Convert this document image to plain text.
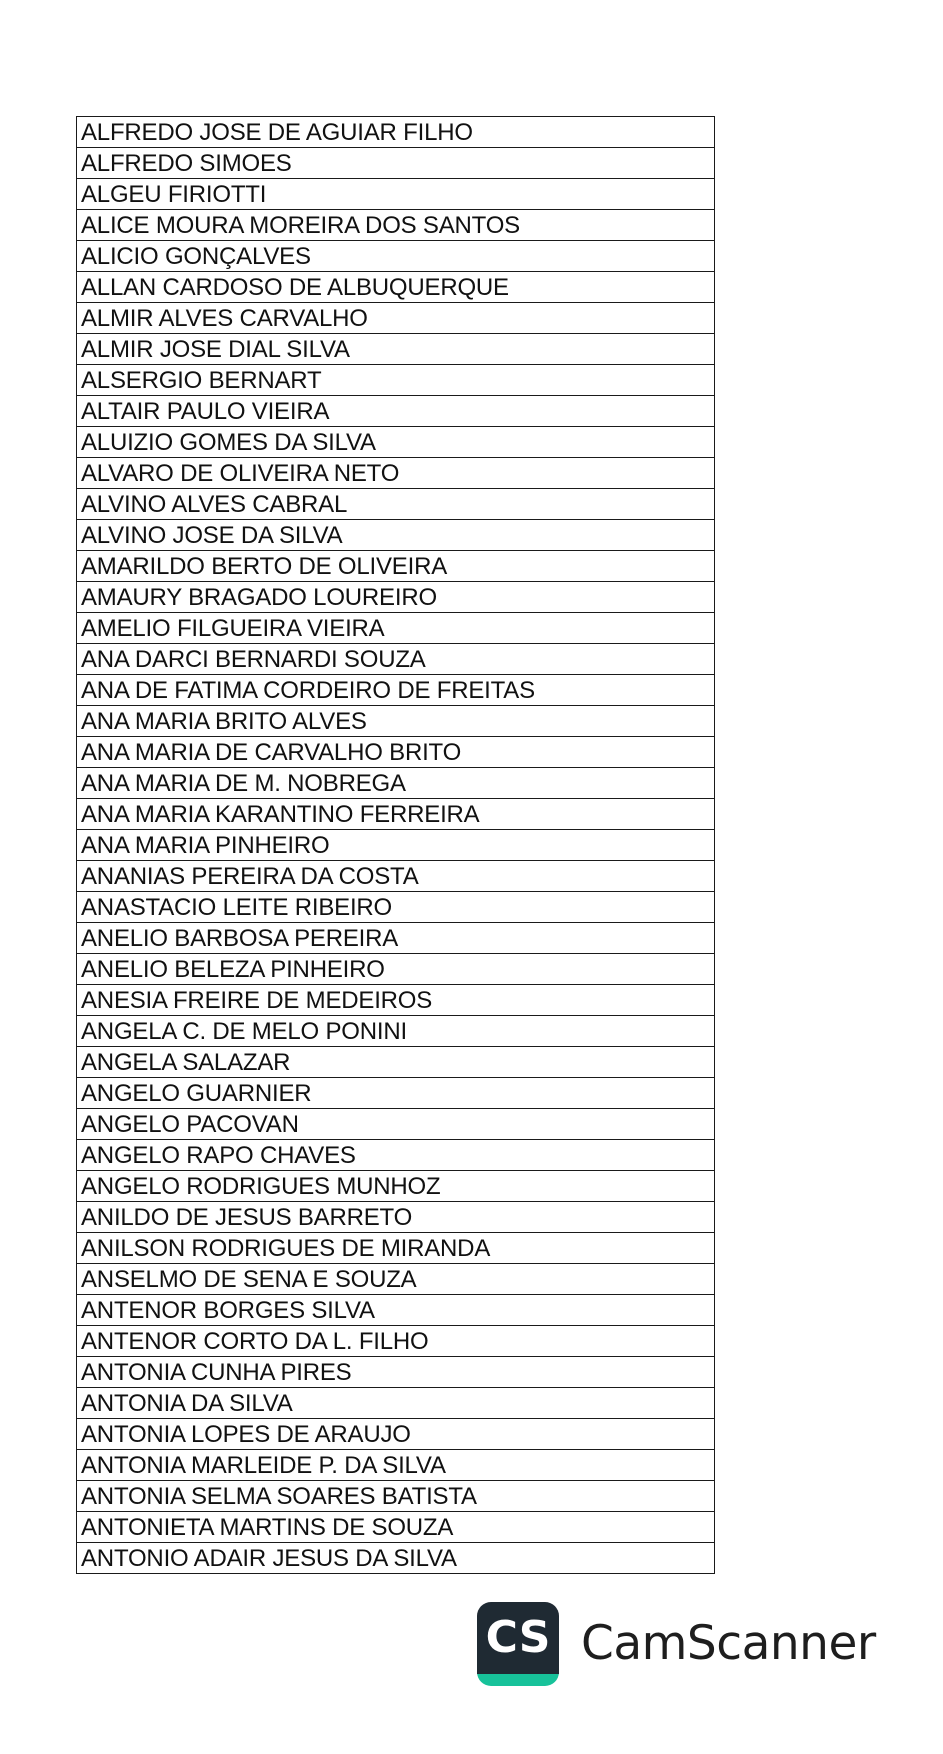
ALFREDO JOSE DE AGUIAR FILHO
ALFREDO SIMOES
ALGEU FIRIOTTI
ALICE MOURA MOREIRA DOS SANTOS
ALICIO GONÇALVES
ALLAN CARDOSO DE ALBUQUERQUE
ALMIR ALVES CARVALHO
ALMIR JOSE DIAL SILVA
ALSERGIO BERNART
ALTAIR PAULO VIEIRA
ALUIZIO GOMES DA SILVA
ALVARO DE OLIVEIRA NETO
ALVINO ALVES CABRAL
ALVINO JOSE DA SILVA
AMARILDO BERTO DE OLIVEIRA
AMAURY BRAGADO LOUREIRO
AMELIO FILGUEIRA VIEIRA
ANA DARCI BERNARDI SOUZA
ANA DE FATIMA CORDEIRO DE FREITAS
ANA MARIA BRITO ALVES
ANA MARIA DE CARVALHO BRITO
ANA MARIA DE M. NOBREGA
ANA MARIA KARANTINO FERREIRA
ANA MARIA PINHEIRO
ANANIAS PEREIRA DA COSTA
ANASTACIO LEITE RIBEIRO
ANELIO BARBOSA PEREIRA
ANELIO BELEZA PINHEIRO
ANESIA FREIRE DE MEDEIROS
ANGELA C. DE MELO PONINI
ANGELA SALAZAR
ANGELO GUARNIER
ANGELO PACOVAN
ANGELO RAPO CHAVES
ANGELO RODRIGUES MUNHOZ
ANILDO DE JESUS BARRETO
ANILSON RODRIGUES DE MIRANDA
ANSELMO DE SENA E SOUZA
ANTENOR BORGES SILVA
ANTENOR CORTO DA L. FILHO
ANTONIA CUNHA PIRES
ANTONIA DA SILVA
ANTONIA LOPES DE ARAUJO
ANTONIA MARLEIDE P. DA SILVA
ANTONIA SELMA SOARES BATISTA
ANTONIETA MARTINS DE SOUZA
ANTONIO ADAIR JESUS DA SILVA
CS CamScanner
